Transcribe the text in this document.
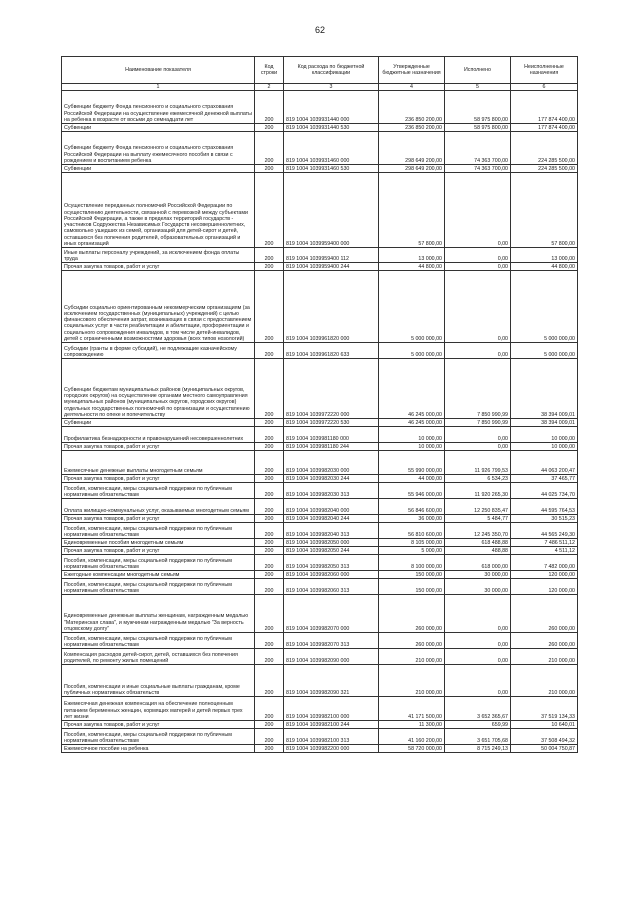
62
Наименование показателя	Код строки	Код расхода по бюджетной классификации	Утвержденные бюджетные назначения	Исполнено	Неисполненные назначения
1	2	3	4	5	6
Субвенции бюджету Фонда пенсионного и социального страхования Российской Федерации на осуществление ежемесячной денежной выплаты на ребенка в возрасте от восьми до семнадцати лет	200	819 1004 1039931440 000	236 850 200,00	58 975 800,00	177 874 400,00
Субвенции	200	819 1004 1039931440 530	236 850 200,00	58 975 800,00	177 874 400,00
Субвенции бюджету Фонда пенсионного и социального страхования Российской Федерации на выплату ежемесячного пособия в связи с рождением и воспитанием ребенка	200	819 1004 1039931460 000	298 649 200,00	74 363 700,00	224 285 500,00
Субвенции	200	819 1004 1039931460 530	298 649 200,00	74 363 700,00	224 285 500,00
Осуществление переданных полномочий Российской Федерации по осуществлению деятельности, связанной с перевозкой между субъектами Российской Федерации, а также в пределах территорий государств - участников Содружества Независимых Государств несовершеннолетних, самовольно ушедших из семей, организаций для детей-сирот и детей, оставшихся без попечения родителей, образовательных организаций и иных организаций	200	819 1004 1039959400 000	57 800,00	0,00	57 800,00
Иные выплаты персоналу учреждений, за исключением фонда оплаты труда	200	819 1004 1039959400 112	13 000,00	0,00	13 000,00
Прочая закупка товаров, работ и услуг	200	819 1004 1039959400 244	44 800,00	0,00	44 800,00
Субсидии социально ориентированным некоммерческим организациям (за исключением государственных (муниципальных) учреждений) с целью финансового обеспечения затрат, возникающих в связи с предоставлением социальных услуг в части реабилитации и абилитации, профориентации и социального сопровождения инвалидов, в том числе детей-инвалидов, детей с ограниченными возможностями здоровья (всех типов нозологий)	200	819 1004 1039961820 000	5 000 000,00	0,00	5 000 000,00
Субсидии (гранты в форме субсидий), не подлежащие казначейскому сопровождению	200	819 1004 1039961820 633	5 000 000,00	0,00	5 000 000,00
Субвенции бюджетам муниципальных районов (муниципальных округов, городских округов) на осуществление органами местного самоуправления муниципальных районов (муниципальных округов, городских округов) отдельных государственных полномочий по организации и осуществлению деятельности по опеке и попечительству	200	819 1004 1039972220 000	46 245 000,00	7 850 990,99	38 394 009,01
Субвенции	200	819 1004 1039972220 530	46 245 000,00	7 850 990,99	38 394 009,01
Профилактика безнадзорности и правонарушений несовершеннолетних	200	819 1004 1039981180 000	10 000,00	0,00	10 000,00
Прочая закупка товаров, работ и услуг	200	819 1004 1039981180 244	10 000,00	0,00	10 000,00
Ежемесячные денежные выплаты многодетным семьям	200	819 1004 1039982030 000	55 990 000,00	11 926 799,53	44 063 200,47
Прочая закупка товаров, работ и услуг	200	819 1004 1039982030 244	44 000,00	6 534,23	37 465,77
Пособия, компенсации, меры социальной поддержки по публичным нормативным обязательствам	200	819 1004 1039982030 313	55 946 000,00	11 920 265,30	44 025 734,70
Оплата жилищно-коммунальных услуг, оказываемых многодетным семьям	200	819 1004 1039982040 000	56 846 600,00	12 250 835,47	44 595 764,53
Прочая закупка товаров, работ и услуг	200	819 1004 1039982040 244	36 000,00	5 484,77	30 515,23
Пособия, компенсации, меры социальной поддержки по публичным нормативным обязательствам	200	819 1004 1039982040 313	56 810 600,00	12 245 350,70	44 565 249,30
Единовременные пособия многодетным семьям	200	819 1004 1039982050 000	8 105 000,00	618 488,88	7 486 511,12
Прочая закупка товаров, работ и услуг	200	819 1004 1039982050 244	5 000,00	488,88	4 511,12
Пособия, компенсации, меры социальной поддержки по публичным нормативным обязательствам	200	819 1004 1039982050 313	8 100 000,00	618 000,00	7 482 000,00
Ежегодные компенсации многодетным семьям	200	819 1004 1039982060 000	150 000,00	30 000,00	120 000,00
Пособия, компенсации, меры социальной поддержки по публичным нормативным обязательствам	200	819 1004 1039982060 313	150 000,00	30 000,00	120 000,00
Единовременные денежные выплаты женщинам, награжденным медалью "Материнская слава", и мужчинам награжденным медалью "За верность отцовскому долгу"	200	819 1004 1039982070 000	260 000,00	0,00	260 000,00
Пособия, компенсации, меры социальной поддержки по публичным нормативным обязательствам	200	819 1004 1039982070 313	260 000,00	0,00	260 000,00
Компенсация расходов детей-сирот, детей, оставшихся без попечения родителей, по ремонту жилых помещений	200	819 1004 1039982090 000	210 000,00	0,00	210 000,00
Пособия, компенсации и иные социальные выплаты гражданам, кроме публичных нормативных обязательств	200	819 1004 1039982090 321	210 000,00	0,00	210 000,00
Ежемесячная денежная компенсация на обеспечение полноценным питанием беременных женщин, кормящих матерей и детей первых трех лет жизни	200	819 1004 1039982100 000	41 171 500,00	3 652 365,67	37 519 134,33
Прочая закупка товаров, работ и услуг	200	819 1004 1039982100 244	11 300,00	659,99	10 640,01
Пособия, компенсации, меры социальной поддержки по публичным нормативным обязательствам	200	819 1004 1039982100 313	41 160 200,00	3 651 705,68	37 508 494,32
Ежемесячное пособие на ребенка	200	819 1004 1039982200 000	58 720 000,00	8 715 249,13	50 004 750,87
